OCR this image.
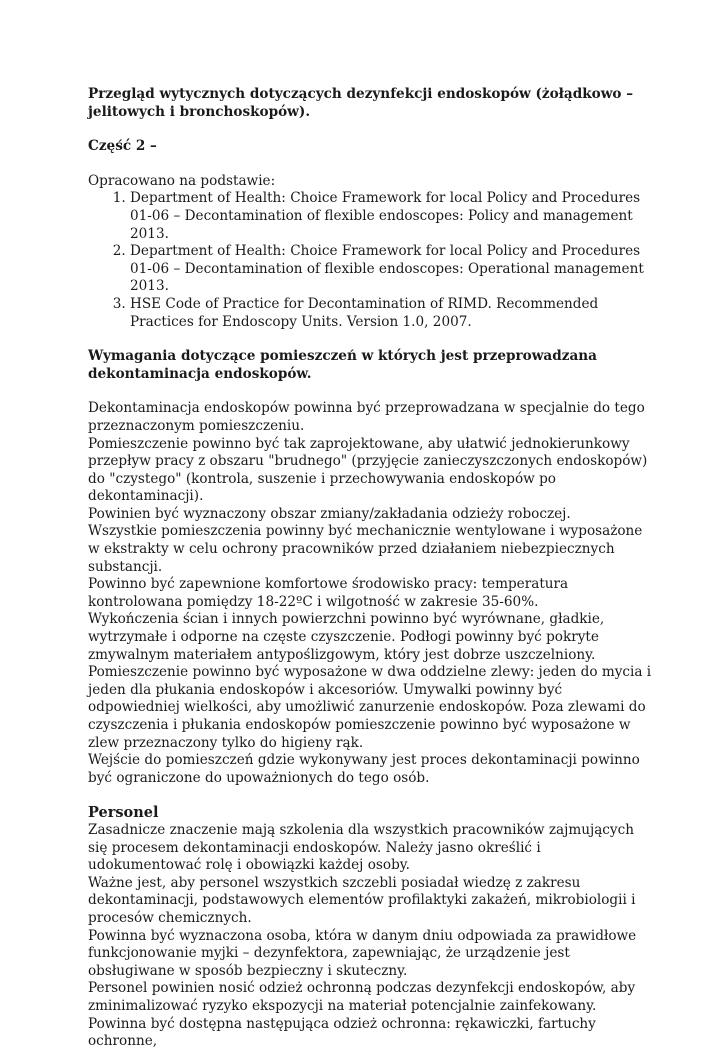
Przegląd wytycznych dotyczących dezynfekcji endoskopów (żołądkowo – jelitowych i bronchoskopów).
Część 2 –

Opracowano na podstawie:

1. Department of Health: Choice Framework for local Policy and Procedures 01-06 – Decontamination of flexible endoscopes: Policy and management 2013.
2. Department of Health: Choice Framework for local Policy and Procedures 01-06 – Decontamination of flexible endoscopes: Operational management 2013.
3. HSE Code of Practice for Decontamination of RIMD. Recommended Practices for Endoscopy Units. Version 1.0, 2007.
Wymagania dotyczące pomieszczeń w których jest przeprowadzana dekontaminacja endoskopów.

Dekontaminacja endoskopów powinna być przeprowadzana w specjalnie do tego przeznaczonym pomieszczeniu.

Pomieszczenie powinno być tak zaprojektowane, aby ułatwić jednokierunkowy przepływ pracy z obszaru "brudnego" (przyjęcie zanieczyszczonych endoskopów) do "czystego" (kontrola, suszenie i przechowywania endoskopów po dekontaminacji).

Powinien być wyznaczony obszar zmiany/zakładania odzieży roboczej.

Wszystkie pomieszczenia powinny być mechanicznie wentylowane i wyposażone w ekstrakty w celu ochrony pracowników przed działaniem niebezpiecznych substancji.

Powinno być zapewnione komfortowe środowisko pracy: temperatura kontrolowana pomiędzy 18-22ºC i wilgotność w zakresie 35-60%.

Wykończenia ścian i innych powierzchni powinno być wyrównane, gładkie, wytrzymałe i odporne na częste czyszczenie. Podłogi powinny być pokryte zmywalnym materiałem antypoślizgowym, który jest dobrze uszczelniony.

Pomieszczenie powinno być wyposażone w dwa oddzielne zlewy: jeden do mycia i jeden dla płukania endoskopów i akcesoriów. Umywalki powinny być odpowiedniej wielkości, aby umożliwić zanurzenie endoskopów. Poza zlewami do czyszczenia i płukania endoskopów pomieszczenie powinno być wyposażone w zlew przeznaczony tylko do higieny rąk.

Wejście do pomieszczeń gdzie wykonywany jest proces dekontaminacji powinno być ograniczone do upoważnionych do tego osób.

Personel

Zasadnicze znaczenie mają szkolenia dla wszystkich pracowników zajmujących się procesem dekontaminacji endoskopów. Należy jasno określić i udokumentować rolę i obowiązki każdej osoby.

Ważne jest, aby personel wszystkich szczebli posiadał wiedzę z zakresu dekontaminacji, podstawowych elementów profilaktyki zakażeń, mikrobiologii i procesów chemicznych.

Powinna być wyznaczona osoba, która w danym dniu odpowiada za prawidłowe funkcjonowanie myjki – dezynfektora, zapewniając, że urządzenie jest obsługiwane w sposób bezpieczny i skuteczny.

Personel powinien nosić odzież ochronną podczas dezynfekcji endoskopów, aby zminimalizować ryzyko ekspozycji na materiał potencjalnie zainfekowany.

Powinna być dostępna następująca odzież ochronna: rękawiczki, fartuchy ochronne,
